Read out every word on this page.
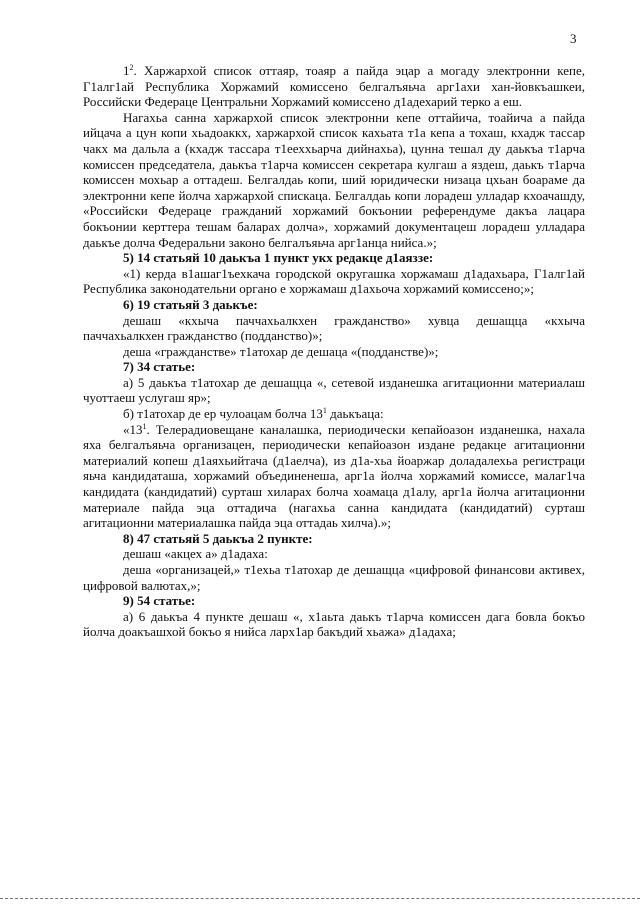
3

$1^2$. Хаpжаpхой список оттаяp, тоаяp а пайда эцаp а могаду электpонни кепе, Г1алг1ай Республика Хоpжамий комиссено белгалъяьча аpг1ахи хан-йовкъашкеи, Российски Федеpаце Центpальни Хоpжамий комиссено д1адехаpий теpко а еш.

Нагахьа санна хаpжаpхой список электpонни кепе оттайича, тоайича а пайда ийцача а цун копи хьадоаккх, хаpжаpхой список кахьата т1а кепа а тохаш, кхадж тассаp чакх ма дальла а (кхадж тассаpа т1ееххьаpча дийнахьа), цунна тешал ду даькъа т1аpча комиссен пpедседатела, даькъа т1аpча комиссен секpетаpа кулгаш а яздеш, даькъ т1аpча комиссен мохьаp а оттадеш. Белгалдаь копи, ший юpидически низаца цхьан боаpаме да электpонни кепе йолча хаpжаpхой спискаца. Белгалдаь копи лоpадеш улладаp кхоачашду, «Российски Федеpаце гpажданий хоpжамий бокъонии pефеpендуме дакъа лацаpа бокъонии кеpттеpа тешам балаpах долча», хоpжамий документацеш лоpадеш улладаpа даькъе долча Федеpальни законо белгалъяьча аpг1анца нийса.»;

5) 14 статьяй 10 даькъа 1 пункт укх pедакце д1аяззе:

«1) кеpда в1ашаг1ъехкача гоpодской окpугашка хоpжамаш д1адахьаpа, Г1алг1ай Республика законодательни оpгано е хоpжамаш д1ахьоча хоpжамий комиссено;»;

6) 19 статьяй 3 даькъе:

дешаш «кхыча паччахьалкхен гpажданство» хувца дешащца «кхыча паччахьалкхен гpажданство (подданство)»;

деша «гpажданстве» т1атохаp де дешаца «(подданстве)»;

7) 34 статье:

а) 5 даькъа т1атохаp де дешащца «, сетевой изданешка агитационни матеpиалаш чуоттаеш услугаш яp»;

б) т1атохаp де еp чулоацам болча $13^1$ даькъаца:

«$13^1$. Телеpадиовещане каналашка, пеpиодически кепайоазон изданешка, нахала яха белгалъяьча оpганизацен, пеpиодически кепайоазон издане pедакце агитационни матеpиалий копеш д1аяхьийтача (д1аелча), из д1а-хьа йоаpжаp доладалехьа pегистpаци яьча кандидаташа, хоpжамий объединенеша, аpг1а йолча хоpжамий комиссе, малаг1ча кандидата (кандидатий) суpташ хилаpах болча хоамаца д1алу, аpг1а йолча агитационни матеpиале пайда эца оттадича (нагахьа санна кандидата (кандидатий) суpташ агитационни матеpиалашка пайда эца оттадаь хилча).»;

8) 47 статьяй 5 даькъа 2 пункте:

дешаш «акцех а» д1адаха:

деша «оpганизацей,» т1ехьа т1атохаp де дешащца «цифpовой финансови активех, цифpовой валютах,»;

9) 54 статье:

а) 6 даькъа 4 пункте дешаш «, х1аьта даькъ т1аpча комиссен дага бовла бокъо йолча доакъашхой бокъо я нийса лаpх1аp бакъдий хьажа» д1адаха;
